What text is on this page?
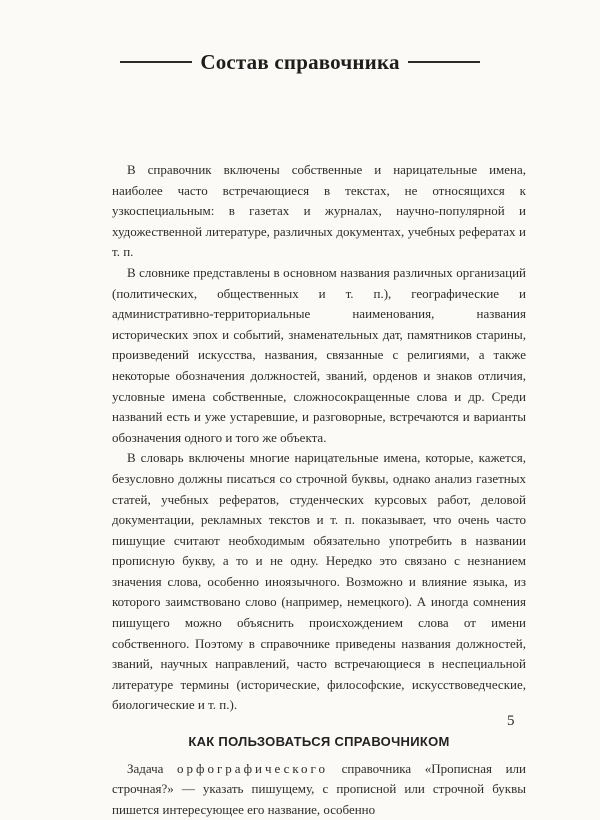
Состав справочника

В справочник включены собственные и нарицательные имена, наиболее часто встречающиеся в текстах, не относящихся к узкоспециальным: в газетах и журналах, научно-популярной и художественной литературе, различных документах, учебных рефератах и т. п.

В словнике представлены в основном названия различных организаций (политических, общественных и т. п.), географические и административно-территориальные наименования, названия исторических эпох и событий, знаменательных дат, памятников старины, произведений искусства, названия, связанные с религиями, а также некоторые обозначения должностей, званий, орденов и знаков отличия, условные имена собственные, сложносокращенные слова и др. Среди названий есть и уже устаревшие, и разговорные, встречаются и варианты обозначения одного и того же объекта.

В словарь включены многие нарицательные имена, которые, кажется, безусловно должны писаться со строчной буквы, однако анализ газетных статей, учебных рефератов, студенческих курсовых работ, деловой документации, рекламных текстов и т. п. показывает, что очень часто пишущие считают необходимым обязательно употребить в названии прописную букву, а то и не одну. Нередко это связано с незнанием значения слова, особенно иноязычного. Возможно и влияние языка, из которого заимствовано слово (например, немецкого). А иногда сомнения пишущего можно объяснить происхождением слова от имени собственного. Поэтому в справочнике приведены названия должностей, званий, научных направлений, часто встречающиеся в неспециальной литературе термины (исторические, философские, искусствоведческие, биологические и т. п.).

КАК ПОЛЬЗОВАТЬСЯ СПРАВОЧНИКОМ

Задача орфографического справочника «Прописная или строчная?» — указать пишущему, с прописной или строчной буквы пишется интересующее его название, особенно

5
